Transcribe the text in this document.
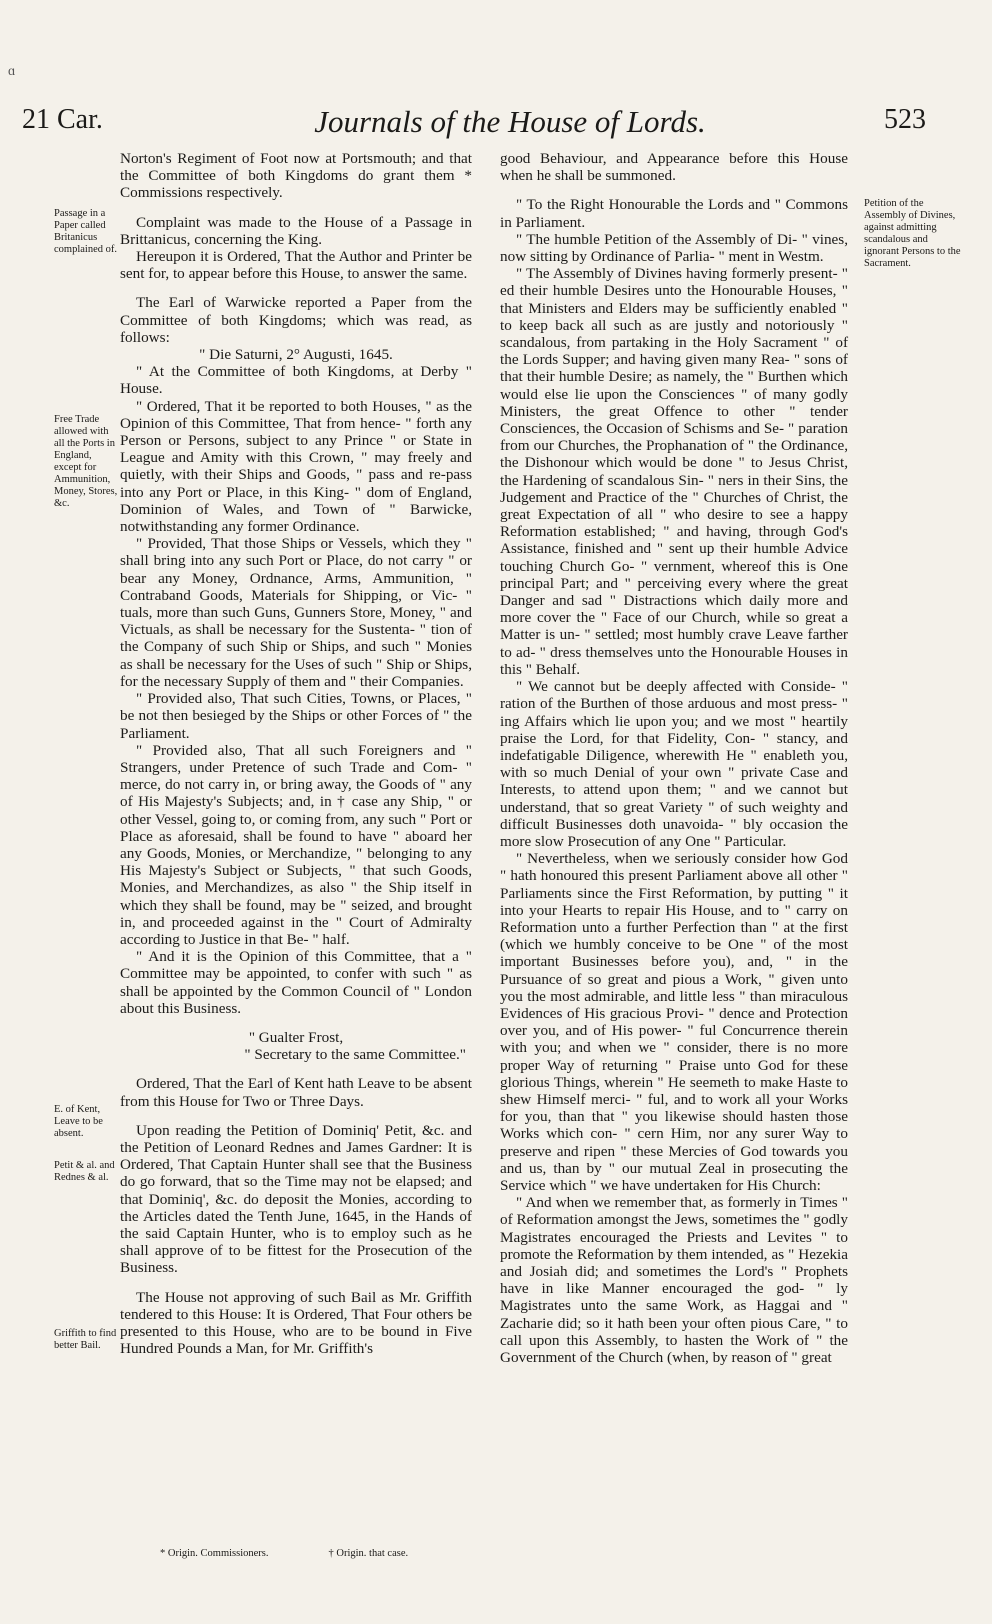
ɑ
21 Car.	Journals of the House of Lords.	523
Passage in a Paper called Britanicus complained of.
Free Trade allowed with all the Ports in England, except for Ammunition, Money, Stores, &c.
E. of Kent, Leave to be absent.
Petit & al. and Rednes & al.
Griffith to find better Bail.
Petition of the Assembly of Divines, against admitting scandalous and ignorant Persons to the Sacrament.

Norton's Regiment of Foot now at Portsmouth; and that the Committee of both Kingdoms do grant them * Commissions respectively.

Complaint was made to the House of a Passage in Brittanicus, concerning the King.

Hereupon it is Ordered, That the Author and Printer be sent for, to appear before this House, to answer the same.

The Earl of Warwicke reported a Paper from the Committee of both Kingdoms; which was read, as follows:

" Die Saturni, 2° Augusti, 1645.

" At the Committee of both Kingdoms, at Derby " House.

" Ordered, That it be reported to both Houses, " as the Opinion of this Committee, That from hence- " forth any Person or Persons, subject to any Prince " or State in League and Amity with this Crown, " may freely and quietly, with their Ships and Goods, " pass and re-pass into any Port or Place, in this King- " dom of England, Dominion of Wales, and Town of " Barwicke, notwithstanding any former Ordinance.

" Provided, That those Ships or Vessels, which they " shall bring into any such Port or Place, do not carry " or bear any Money, Ordnance, Arms, Ammunition, " Contraband Goods, Materials for Shipping, or Vic- " tuals, more than such Guns, Gunners Store, Money, " and Victuals, as shall be necessary for the Sustenta- " tion of the Company of such Ship or Ships, and such " Monies as shall be necessary for the Uses of such " Ship or Ships, for the necessary Supply of them and " their Companies.

" Provided also, That such Cities, Towns, or Places, " be not then besieged by the Ships or other Forces of " the Parliament.

" Provided also, That all such Foreigners and " Strangers, under Pretence of such Trade and Com- " merce, do not carry in, or bring away, the Goods of " any of His Majesty's Subjects; and, in † case any Ship, " or other Vessel, going to, or coming from, any such " Port or Place as aforesaid, shall be found to have " aboard her any Goods, Monies, or Merchandize, " belonging to any His Majesty's Subject or Subjects, " that such Goods, Monies, and Merchandizes, as also " the Ship itself in which they shall be found, may be " seized, and brought in, and proceeded against in the " Court of Admiralty according to Justice in that Be- " half.

" And it is the Opinion of this Committee, that a " Committee may be appointed, to confer with such " as shall be appointed by the Common Council of " London about this Business.

" Gualter Frost,

" Secretary to the same Committee."

Ordered, That the Earl of Kent hath Leave to be absent from this House for Two or Three Days.

Upon reading the Petition of Dominiq' Petit, &c. and the Petition of Leonard Rednes and James Gardner: It is Ordered, That Captain Hunter shall see that the Business do go forward, that so the Time may not be elapsed; and that Dominiq', &c. do deposit the Monies, according to the Articles dated the Tenth June, 1645, in the Hands of the said Captain Hunter, who is to employ such as he shall approve of to be fittest for the Prosecution of the Business.

The House not approving of such Bail as Mr. Griffith tendered to this House: It is Ordered, That Four others be presented to this House, who are to be bound in Five Hundred Pounds a Man, for Mr. Griffith's

good Behaviour, and Appearance before this House when he shall be summoned.

" To the Right Honourable the Lords and " Commons in Parliament.

" The humble Petition of the Assembly of Di- " vines, now sitting by Ordinance of Parlia- " ment in Westm.

" The Assembly of Divines having formerly present- " ed their humble Desires unto the Honourable Houses, " that Ministers and Elders may be sufficiently enabled " to keep back all such as are justly and notoriously " scandalous, from partaking in the Holy Sacrament " of the Lords Supper; and having given many Rea- " sons of that their humble Desire; as namely, the " Burthen which would else lie upon the Consciences " of many godly Ministers, the great Offence to other " tender Consciences, the Occasion of Schisms and Se- " paration from our Churches, the Prophanation of " the Ordinance, the Dishonour which would be done " to Jesus Christ, the Hardening of scandalous Sin- " ners in their Sins, the Judgement and Practice of the " Churches of Christ, the great Expectation of all " who desire to see a happy Reformation established; " and having, through God's Assistance, finished and " sent up their humble Advice touching Church Go- " vernment, whereof this is One principal Part; and " perceiving every where the great Danger and sad " Distractions which daily more and more cover the " Face of our Church, while so great a Matter is un- " settled; most humbly crave Leave farther to ad- " dress themselves unto the Honourable Houses in this " Behalf.

" We cannot but be deeply affected with Conside- " ration of the Burthen of those arduous and most press- " ing Affairs which lie upon you; and we most " heartily praise the Lord, for that Fidelity, Con- " stancy, and indefatigable Diligence, wherewith He " enableth you, with so much Denial of your own " private Case and Interests, to attend upon them; " and we cannot but understand, that so great Variety " of such weighty and difficult Businesses doth unavoida- " bly occasion the more slow Prosecution of any One " Particular.

" Nevertheless, when we seriously consider how God " hath honoured this present Parliament above all other " Parliaments since the First Reformation, by putting " it into your Hearts to repair His House, and to " carry on Reformation unto a further Perfection than " at the first (which we humbly conceive to be One " of the most important Businesses before you), and, " in the Pursuance of so great and pious a Work, " given unto you the most admirable, and little less " than miraculous Evidences of His gracious Provi- " dence and Protection over you, and of His power- " ful Concurrence therein with you; and when we " consider, there is no more proper Way of returning " Praise unto God for these glorious Things, wherein " He seemeth to make Haste to shew Himself merci- " ful, and to work all your Works for you, than that " you likewise should hasten those Works which con- " cern Him, nor any surer Way to preserve and ripen " these Mercies of God towards you and us, than by " our mutual Zeal in prosecuting the Service which " we have undertaken for His Church:

" And when we remember that, as formerly in Times " of Reformation amongst the Jews, sometimes the " godly Magistrates encouraged the Priests and Levites " to promote the Reformation by them intended, as " Hezekia and Josiah did; and sometimes the Lord's " Prophets have in like Manner encouraged the god- " ly Magistrates unto the same Work, as Haggai and " Zacharie did; so it hath been your often pious Care, " to call upon this Assembly, to hasten the Work of " the Government of the Church (when, by reason of " great

* Origin. Commissioners.	† Origin. that case.
